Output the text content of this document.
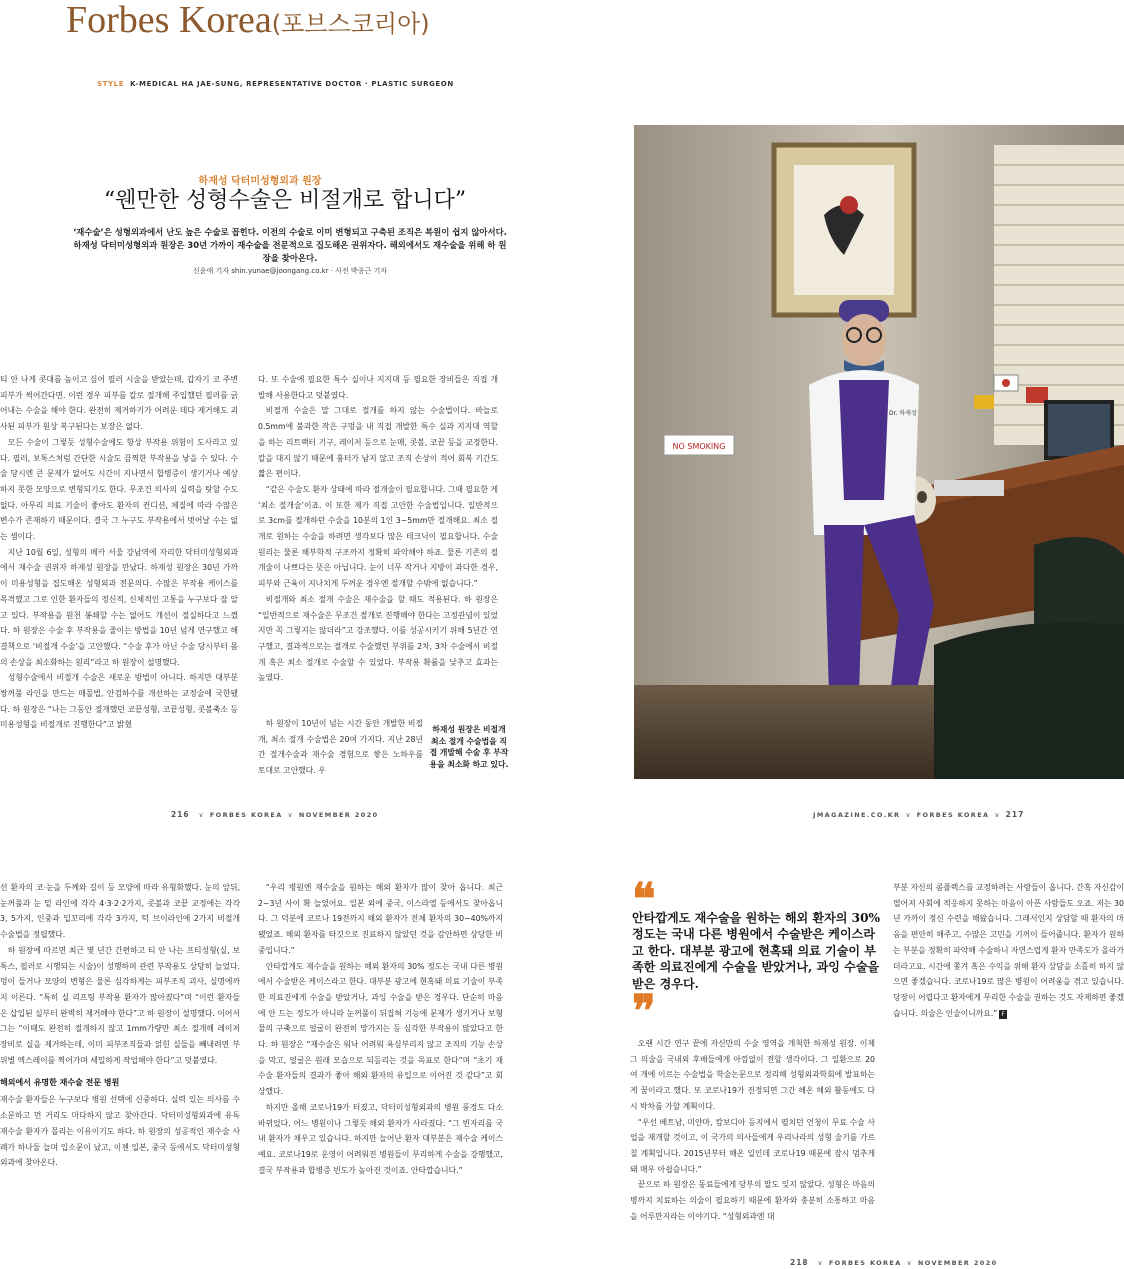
Forbes Korea(포브스코리아)
STYLE K-MEDICAL HA JAE-SUNG, REPRESENTATIVE DOCTOR · PLASTIC SURGEON
하재성 닥터미성형외과 원장
“웬만한 성형수술은 비절개로 합니다”
‘재수술’은 성형외과에서 난도 높은 수술로 꼽힌다. 이전의 수술로 이미 변형되고 구축된 조직은 복원이 쉽지 않아서다. 하재성 닥터미성형외과 원장은 30년 가까이 재수술을 전문적으로 집도해온 권위자다. 해외에서도 재수술을 위해 하 원장을 찾아온다.
신윤애 기자 shin.yunae@joongang.co.kr · 사진 박종근 기자

티 안 나게 콧대를 높이고 싶어 필러 시술을 받았는데, 갑자기 코 주변 피부가 썩어간다면. 이런 경우 피부를 칼로 절개해 주입했던 필러를 긁어내는 수술을 해야 한다. 완전히 제거하기가 어려운 데다 제거해도 괴사된 피부가 원상 복구된다는 보장은 없다.

모든 수술이 그렇듯 성형수술에도 항상 부작용 위험이 도사리고 있다. 필러, 보톡스처럼 간단한 시술도 끔찍한 부작용을 낳을 수 있다. 수술 당시엔 큰 문제가 없어도 시간이 지나면서 합병증이 생기거나 예상하지 못한 모양으로 변형되기도 한다. 무조건 의사의 실력을 탓할 수도 없다. 아무리 의료 기술이 좋아도 환자의 컨디션, 체질에 따라 수많은 변수가 존재하기 때문이다. 결국 그 누구도 부작용에서 벗어날 수는 없는 셈이다.

지난 10월 6일, 성형의 메카 서울 강남역에 자리한 닥터미성형외과에서 재수술 권위자 하재성 원장을 만났다. 하재성 원장은 30년 가까이 미용성형을 집도해온 성형외과 전문의다. 수많은 부작용 케이스를 목격했고 그로 인한 환자들의 정신적, 신체적인 고통을 누구보다 잘 알고 있다. 부작용을 원천 봉쇄할 수는 없어도 개선이 절실하다고 느꼈다. 하 원장은 수술 후 부작용을 줄이는 방법을 10년 넘게 연구했고 해결책으로 ‘비절개 수술’을 고안했다. “수술 후가 아닌 수술 당시부터 몸의 손상을 최소화하는 원리”라고 하 원장이 설명했다.

성형수술에서 비절개 수술은 새로운 방법이 아니다. 하지만 대부분 쌍꺼풀 라인을 만드는 매몰법, 안검하수를 개선하는 교정술에 국한됐다. 하 원장은 “나는 그동안 절개했던 코끝성형, 코끝성형, 콧볼축소 등 미용성형을 비절개로 진행한다”고 밝혔

다. 또 수술에 필요한 특수 실이나 지지대 등 필요한 장비들은 직접 개발해 사용한다고 덧붙였다.

비절개 수술은 말 그대로 절개를 하지 않는 수술법이다. 바늘로 0.5mm에 불과한 작은 구멍을 내 직접 개발한 특수 실과 지지대 역할을 하는 리트랙터 기구, 레이저 등으로 눈매, 콧볼, 코끝 등을 교정한다. 칼을 대지 않기 때문에 흉터가 남지 않고 조직 손상이 적어 회복 기간도 짧은 편이다.

“같은 수술도 환자 상태에 따라 절개술이 필요합니다. 그때 필요한 게 ‘최소 절개술’이죠. 이 또한 제가 직접 고안한 수술법입니다. 일반적으로 3cm를 절개하던 수술을 10분의 1인 3~5mm만 절개해요. 최소 절개로 원하는 수술을 하려면 생각보다 많은 테크닉이 필요합니다. 수술 원리는 물론 해부학적 구조까지 정확히 파악해야 하죠. 물론 기존의 절개술이 나쁘다는 뜻은 아닙니다. 눈이 너무 작거나 지방이 과다한 경우, 피부와 근육이 지나치게 두꺼운 경우엔 절개할 수밖에 없습니다.”

비절개와 최소 절개 수술은 재수술을 할 때도 적용된다. 하 원장은 “일반적으로 재수술은 무조건 절개로 진행해야 한다는 고정관념이 있었지만 꼭 그렇지는 않더라”고 강조했다. 이를 성공시키기 위해 5년간 연구했고, 결과적으로는 절개로 수술했던 부위를 2차, 3차 수술에서 비절개 혹은 최소 절개로 수술할 수 있었다. 부작용 확률을 낮추고 효과는 높였다.

하 원장이 10년이 넘는 시간 동안 개발한 비절개, 최소 절개 수술법은 20여 가지다. 지난 28년간 절개수술과 재수술 경험으로 쌓은 노하우를 토대로 고안했다. 우

하재성 원장은 비절개 최소 절개 수술법을 직접 개발해 수술 후 부작용을 최소화 하고 있다.
216 ∨ FORBES KOREA ∨ NOVEMBER 2020	JMAGAZINE.CO.KR ∨ FORBES KOREA ∨ 217
NO SMOKING
Dr. 하재성

선 환자의 코·눈을 두께와 길이 등 모양에 따라 유형화했다. 눈의 앞뒤, 눈꺼풀과 눈 밑 라인에 각각 4·3·2·2가지, 콧볼과 코끝 교정에는 각각 3, 5가지, 인중과 입꼬리에 각각 3가지, 턱 브이라인에 2가지 비절개 수술법을 정립했다.

하 원장에 따르면 최근 몇 년간 간편하고 티 안 나는 프티성형(실, 보톡스, 필러로 시행되는 시술)이 성행하며 관련 부작용도 상당히 늘었다. 멍이 들거나 모양의 변형은 물론 심각하게는 피부조직 괴사, 실명에까지 이른다. “특히 실 리프팅 부작용 환자가 많아졌다”며 “이런 환자들은 삽입된 실부터 완벽히 제거해야 한다”고 하 원장이 설명했다. 이어서 그는 “이때도 완전히 절개하지 않고 1mm가량만 최소 절개해 레이저 장비로 실을 제거하는데, 이미 피부조직들과 얽힌 실들을 빼내려면 부위별 엑스레이를 찍어가며 세밀하게 작업해야 한다”고 덧붙였다.

해외에서 유명한 재수술 전문 병원

재수술 환자들은 누구보다 병원 선택에 신중하다. 실력 있는 의사를 수소문하고 먼 거리도 마다하지 않고 찾아간다. 닥터미성형외과에 유독 재수술 환자가 몰리는 이유이기도 하다. 하 원장의 성공적인 재수술 사례가 하나둘 늘며 입소문이 났고, 이젠 일본, 중국 등에서도 닥터미성형외과에 찾아온다.

“우리 병원엔 재수술을 원하는 해외 환자가 많이 찾아 옵니다. 최근 2~3년 사이 확 늘었어요. 일본 외에 중국, 이스라엘 등에서도 찾아옵니다. 그 덕분에 코로나 19전까지 해외 환자가 전체 환자의 30~40%까지 됐었죠. 해외 환자를 타깃으로 진료하지 않았던 것을 감안하면 상당한 비중입니다.”

안타깝게도 재수술을 원하는 해외 환자의 30% 정도는 국내 다른 병원에서 수술받은 케이스라고 한다. 대부분 광고에 현혹돼 의료 기술이 부족한 의료진에게 수술을 받았거나, 과잉 수술을 받은 경우다. 단순히 마음에 안 드는 정도가 아니라 눈꺼풀이 뒤집혀 기능에 문제가 생기거나 보형물의 구축으로 얼굴이 완전히 망가지는 등 심각한 부작용이 많았다고 한다. 하 원장은 “재수술은 워낙 어려워 욕심부리지 않고 조직의 기능 손상을 막고, 얼굴은 원래 모습으로 되돌리는 것을 목표로 한다”며 “초기 재수술 환자들의 결과가 좋아 해외 환자의 유입으로 이어진 것 같다”고 회상했다.

하지만 올해 코로나19가 터졌고, 닥터미성형외과의 병원 풍경도 다소 바뀌었다. 어느 병원이나 그렇듯 해외 환자가 사라졌다. “그 빈자리를 국내 환자가 채우고 있습니다. 하지만 늘어난 환자 대부분은 재수술 케이스예요. 코로나19로 운영이 어려워진 병원들이 무리하게 수술을 강행했고, 결국 부작용과 합병증 빈도가 높아진 것이죠. 안타깝습니다.”

❝
안타깝게도 재수술을 원하는 해외 환자의 30% 정도는 국내 다른 병원에서 수술받은 케이스라고 한다. 대부분 광고에 현혹돼 의료 기술이 부족한 의료진에게 수술을 받았거나, 과잉 수술을 받은 경우다.
❞

오랜 시간 연구 끝에 자신만의 수술 영역을 개척한 하재성 원장. 이제 그 의술을 국내외 후배들에게 아낌없이 전할 생각이다. 그 일환으로 20여 개에 이르는 수술법을 학술논문으로 정리해 성형외과학회에 발표하는 게 꿈이라고 했다. 또 코로나19가 진정되면 그간 해온 해외 활동에도 다시 박차를 가할 계획이다.

“우선 베트남, 미얀마, 캄보디아 등지에서 펼치던 언청이 무료 수술 사업을 재개할 것이고, 이 국가의 의사들에게 우리나라의 성형 술기를 가르칠 계획입니다. 2015년부터 해온 일인데 코로나19 때문에 잠시 멈추게 돼 매우 아쉽습니다.”

끝으로 하 원장은 동료들에게 당부의 말도 잊지 않았다. 성형은 마음의 병까지 치료하는 의술이 필요하기 때문에 환자와 충분히 소통하고 마음을 어루만지라는 이야기다. “성형외과엔 대

부분 자신의 콤플렉스를 교정하려는 사람들이 옵니다. 간혹 자신감이 떨어져 사회에 적응하지 못하는 마음이 아픈 사람들도 오죠. 저는 30년 가까이 정신 수련을 해왔습니다. 그래서인지 상담할 때 환자의 마음을 편안히 해주고, 수많은 고민을 기꺼이 들어줍니다. 환자가 원하는 부분을 정확히 파악해 수술하니 자연스럽게 환자 만족도가 올라가더라고요. 시간에 쫓겨 혹은 수익을 위해 환자 상담을 소홀히 하지 않으면 좋겠습니다. 코로나19로 많은 병원이 어려움을 겪고 있습니다. 당장이 어렵다고 환자에게 무리한 수술을 권하는 것도 자제하면 좋겠습니다. 의술은 인술이니까요.” F

218 ∨ FORBES KOREA ∨ NOVEMBER 2020
